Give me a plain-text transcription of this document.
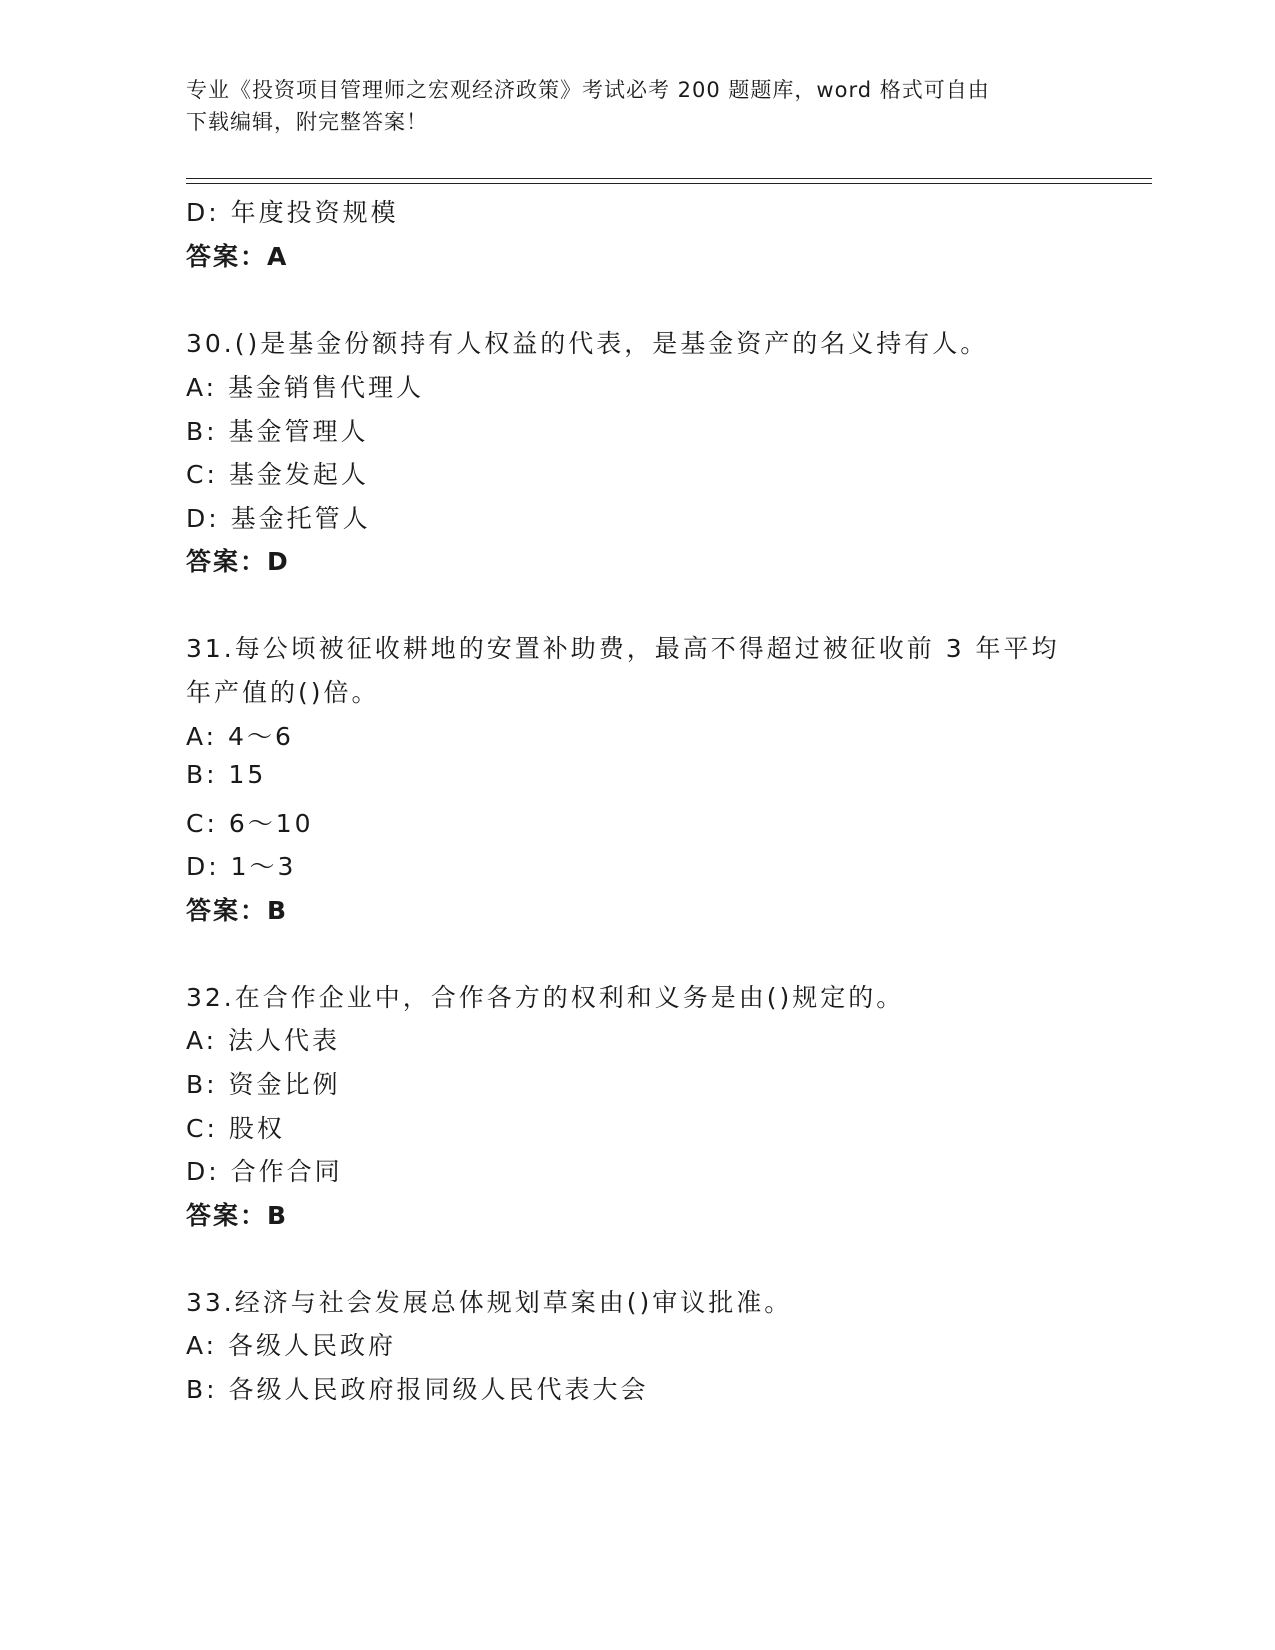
专业《投资项目管理师之宏观经济政策》考试必考 200 题题库，word 格式可自由
下载编辑，附完整答案！
D: 年度投资规模
答案：A
30.()是基金份额持有人权益的代表，是基金资产的名义持有人。
A: 基金销售代理人
B: 基金管理人
C: 基金发起人
D: 基金托管人
答案：D
31.每公顷被征收耕地的安置补助费，最高不得超过被征收前 3 年平均
年产值的()倍。
A: 4～6
B: 15
C: 6～10
D: 1～3
答案：B
32.在合作企业中，合作各方的权利和义务是由()规定的。
A: 法人代表
B: 资金比例
C: 股权
D: 合作合同
答案：B
33.经济与社会发展总体规划草案由()审议批准。
A: 各级人民政府
B: 各级人民政府报同级人民代表大会
